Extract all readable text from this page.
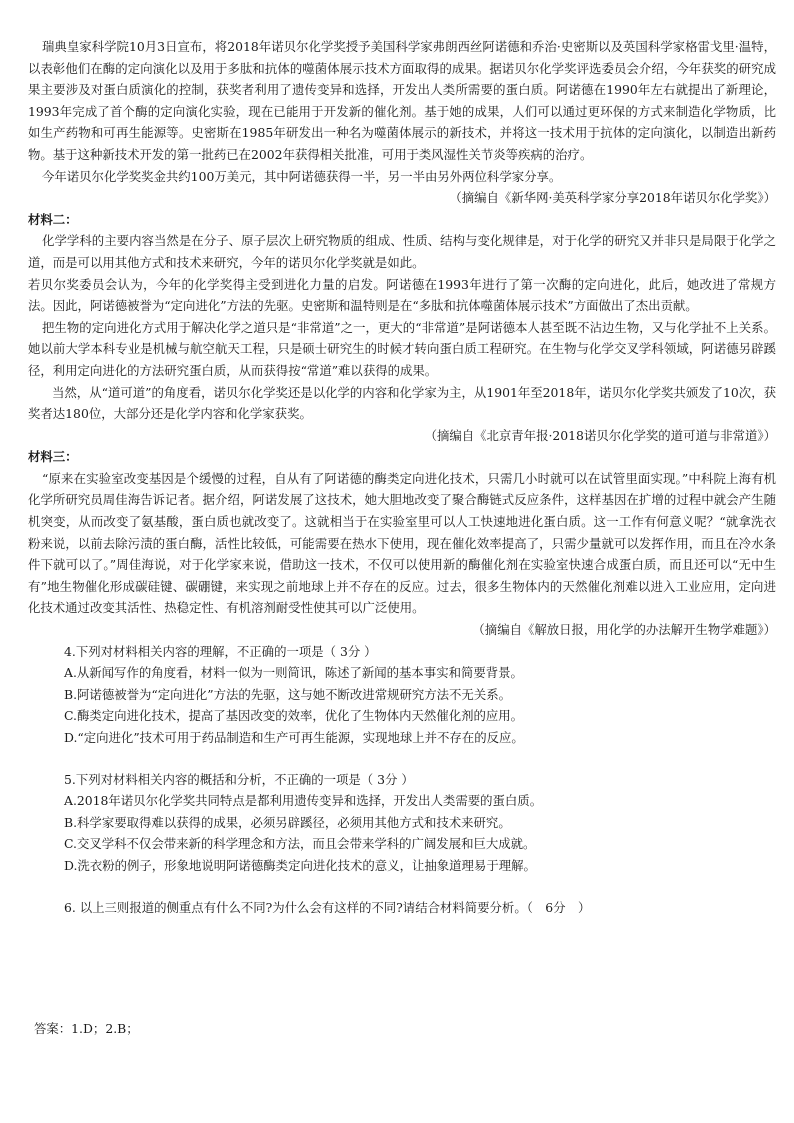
瑞典皇家科学院10月3日宣布，将2018年诺贝尔化学奖授予美国科学家弗朗西丝阿诺德和乔治·史密斯以及英国科学家格雷戈里·温特，以表彰他们在酶的定向演化以及用于多肽和抗体的噬菌体展示技术方面取得的成果。据诺贝尔化学奖评选委员会介绍，今年获奖的研究成果主要涉及对蛋白质演化的控制，获奖者利用了遗传变异和选择，开发出人类所需要的蛋白质。阿诺德在1990年左右就提出了新理论，1993年完成了首个酶的定向演化实验，现在已能用于开发新的催化剂。基于她的成果，人们可以通过更环保的方式来制造化学物质，比如生产药物和可再生能源等。史密斯在1985年研发出一种名为噬菌体展示的新技术，并将这一技术用于抗体的定向演化，以制造出新药物。基于这种新技术开发的第一批药已在2002年获得相关批准，可用于类风湿性关节炎等疾病的治疗。

今年诺贝尔化学奖奖金共约100万美元，其中阿诺德获得一半，另一半由另外两位科学家分享。

（摘编自《新华网·美英科学家分享2018年诺贝尔化学奖》）

材料二：

化学学科的主要内容当然是在分子、原子层次上研究物质的组成、性质、结构与变化规律是，对于化学的研究又并非只是局限于化学之道，而是可以用其他方式和技术来研究，今年的诺贝尔化学奖就是如此。

若贝尔奖委员会认为，今年的化学奖得主受到进化力量的启发。阿诺德在1993年进行了第一次酶的定向进化，此后，她改进了常规方法。因此，阿诺德被誉为“定向进化”方法的先驱。史密斯和温特则是在“多肽和抗体噬菌体展示技术”方面做出了杰出贡献。

把生物的定向进化方式用于解决化学之道只是“非常道”之一，更大的“非常道”是阿诺德本人甚至既不沾边生物，又与化学扯不上关系。她以前大学本科专业是机械与航空航天工程，只是硕士研究生的时候才转向蛋白质工程研究。在生物与化学交叉学科领域，阿诺德另辟蹊径，利用定向进化的方法研究蛋白质，从而获得按“常道”难以获得的成果。

当然，从“道可道”的角度看，诺贝尔化学奖还是以化学的内容和化学家为主，从1901年至2018年，诺贝尔化学奖共颁发了10次，获奖者达180位，大部分还是化学内容和化学家获奖。

（摘编自《北京青年报·2018诺贝尔化学奖的道可道与非常道》）

材料三：

“原来在实验室改变基因是个缓慢的过程，自从有了阿诺德的酶类定向进化技术，只需几小时就可以在试管里面实现。”中科院上海有机化学所研究员周佳海告诉记者。据介绍，阿诺发展了这技术，她大胆地改变了聚合酶链式反应条件，这样基因在扩增的过程中就会产生随机突变，从而改变了氨基酸，蛋白质也就改变了。这就相当于在实验室里可以人工快速地进化蛋白质。这一工作有何意义呢？“就拿洗衣粉来说，以前去除污渍的蛋白酶，活性比较低，可能需要在热水下使用，现在催化效率提高了，只需少量就可以发挥作用，而且在冷水条件下就可以了。”周佳海说，对于化学家来说，借助这一技术，不仅可以使用新的酶催化剂在实验室快速合成蛋白质，而且还可以“无中生有”地生物催化形成碳硅键、碳硼键，来实现之前地球上并不存在的反应。过去，很多生物体内的天然催化剂难以进入工业应用，定向进化技术通过改变其活性、热稳定性、有机溶剂耐受性使其可以广泛使用。

（摘编自《解放日报，用化学的办法解开生物学难题》）

4.下列对材料相关内容的理解，不正确的一项是（ 3分 ）

A.从新闻写作的角度看，材料一似为一则简讯，陈述了新闻的基本事实和简要背景。

B.阿诺德被誉为“定向进化”方法的先驱，这与她不断改进常规研究方法不无关系。

C.酶类定向进化技术，提高了基因改变的效率，优化了生物体内天然催化剂的应用。

D.“定向进化”技术可用于药品制造和生产可再生能源，实现地球上并不存在的反应。

5.下列对材料相关内容的概括和分析，不正确的一项是（ 3分 ）

A.2018年诺贝尔化学奖共同特点是都利用遗传变异和选择，开发出人类需要的蛋白质。

B.科学家要取得难以获得的成果，必须另辟蹊径，必须用其他方式和技术来研究。

C.交叉学科不仅会带来新的科学理念和方法，而且会带来学科的广阔发展和巨大成就。

D.洗衣粉的例子，形象地说明阿诺德酶类定向进化技术的意义，让抽象道理易于理解。

6. 以上三则报道的侧重点有什么不同?为什么会有这样的不同?请结合材料简要分析。（　6分　）

答案：1.D；2.B；
